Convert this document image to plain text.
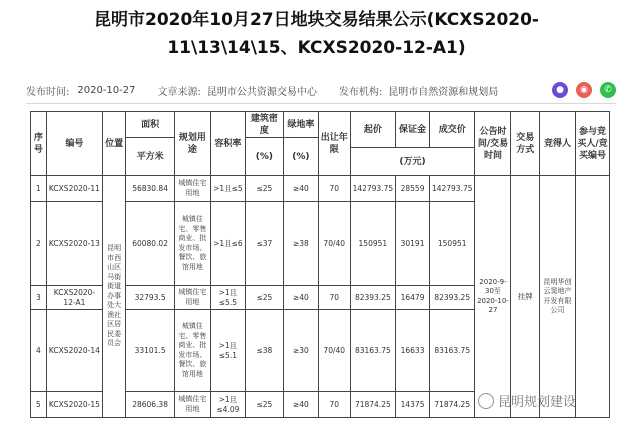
昆明市2020年10月27日地块交易结果公示(KCXS2020-
11\13\14\15、KCXS2020-12-A1)
发布时间: 2020-10-27 文章来源: 昆明市公共资源交易中心 发布机构: 昆明市自然资源和规划局	●	◉	✆
序号	编号	位置	面积	规划用途	容积率	建筑密度	绿地率	出让年限	起价	保证金	成交价	公告时间/交易时间	交易方式	竞得人	参与竞买人/竞买编号
			平方米			(%)	(%)								
									(万元)						
1	KCXS2020-11	昆明市西山区马街街道办事处大渔社区居民委员会	56830.84	城镇住宅用地	>1且≤5	≤25	≥40	70	142793.75	28559	142793.75	2020-9-30至2020-10-27	挂牌	昆明华创云窦地产开发有限公司	
2	KCXS2020-13		60080.02	城镇住宅、零售商业、批发市场、餐饮、旅馆用地	>1且≤6	≤37	≥38	70/40	150951	30191	150951				
3	KCXS2020-12-A1		32793.5	城镇住宅用地	>1且≤5.5	≤25	≥40	70	82393.25	16479	82393.25				
4	KCXS2020-14		33101.5	城镇住宅、零售商业、批发市场、餐饮、旅馆用地	>1且≤5.1	≤38	≥30	70/40	83163.75	16633	83163.75				
5	KCXS2020-15		28606.38	城镇住宅用地	>1且≤4.09	≤25	≥40	70	71874.25	14375	71874.25				昆明规划建设
